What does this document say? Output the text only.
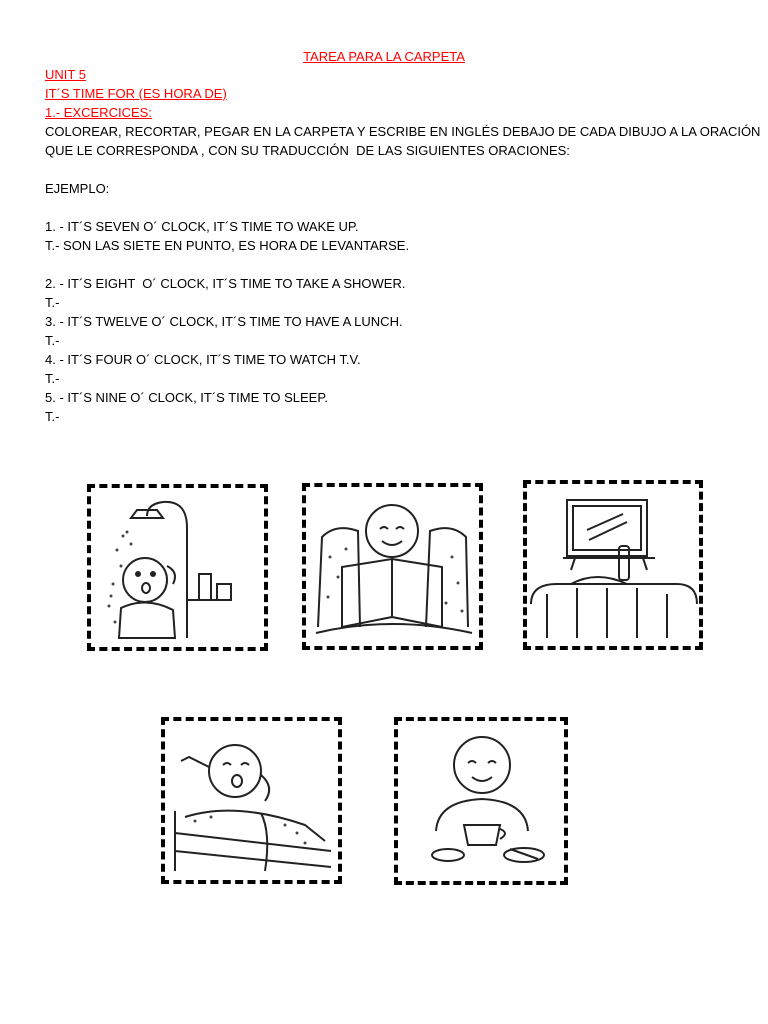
TAREA PARA LA CARPETA
UNIT 5
IT´S TIME FOR (ES HORA DE)
1.- EXCERCICES:
COLOREAR, RECORTAR, PEGAR EN LA CARPETA Y ESCRIBE EN INGLÉS DEBAJO DE CADA DIBUJO A LA ORACIÓN
QUE LE CORRESPONDA , CON SU TRADUCCIÓN  DE LAS SIGUIENTES ORACIONES:
EJEMPLO:
1. - IT´S SEVEN O´ CLOCK, IT´S TIME TO WAKE UP.
T.- SON LAS SIETE EN PUNTO, ES HORA DE LEVANTARSE.
2. - IT´S EIGHT  O´ CLOCK, IT´S TIME TO TAKE A SHOWER.
T.-
3. - IT´S TWELVE O´ CLOCK, IT´S TIME TO HAVE A LUNCH.
T.-
4. - IT´S FOUR O´ CLOCK, IT´S TIME TO WATCH T.V.
T.-
5. - IT´S NINE O´ CLOCK, IT´S TIME TO SLEEP.
T.-
